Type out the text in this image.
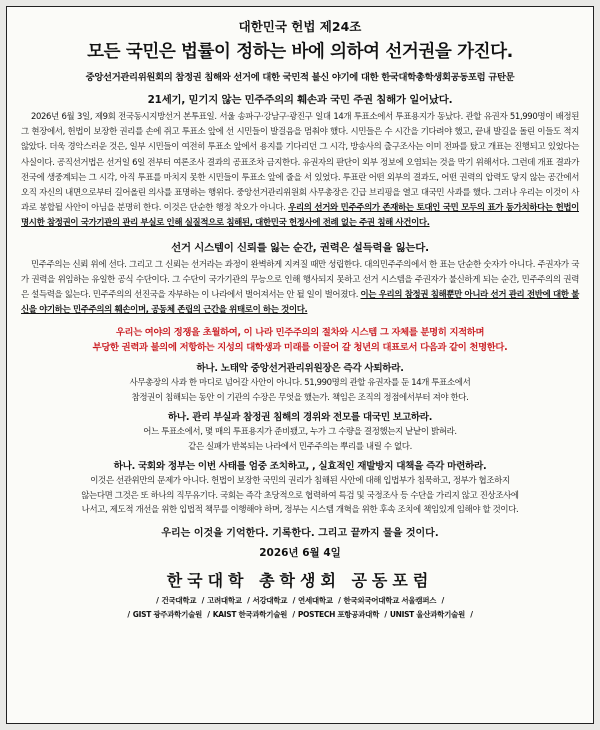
대한민국 헌법 제24조
모든 국민은 법률이 정하는 바에 의하여 선거권을 가진다.
중앙선거관리위원회의 참정권 침해와 선거에 대한 국민적 불신 야기에 대한 한국대학총학생회공동포럼 규탄문
21세기, 믿기지 않는 민주주의의 훼손과 국민 주권 침해가 일어났다.

2026년 6월 3일, 제9회 전국동시지방선거 본투표일. 서울 송파구·강남구·광진구 일대 14개 투표소에서 투표용지가 동났다. 관할 유권자 51,990명이 배정된 그 현장에서, 헌법이 보장한 권리를 손에 쥐고 투표소 앞에 선 시민들이 발걸음을 멈춰야 했다. 시민들은 수 시간을 기다려야 했고, 끝내 발길을 돌린 이들도 적지 않았다. 더욱 경악스러운 것은, 일부 시민들이 여전히 투표소 앞에서 용지를 기다리던 그 시각, 방송사의 출구조사는 이미 전파를 탔고 개표는 진행되고 있었다는 사실이다. 공직선거법은 선거일 6일 전부터 여론조사 결과의 공표조차 금지한다. 유권자의 판단이 외부 정보에 오염되는 것을 막기 위해서다. 그런데 개표 결과가 전국에 생중계되는 그 시각, 아직 투표를 마치지 못한 시민들이 투표소 앞에 줄을 서 있었다. 투표란 어떤 외부의 결과도, 어떤 권력의 압력도 닿지 않는 공간에서 오직 자신의 내면으로부터 길어올린 의사를 표명하는 행위다. 중앙선거관리위원회 사무총장은 긴급 브리핑을 열고 대국민 사과를 했다. 그러나 우리는 이것이 사과로 봉합될 사안이 아님을 분명히 한다. 이것은 단순한 행정 착오가 아니다. 우리의 선거와 민주주의가 존재하는 토대인 국민 모두의 표가 동가치하다는 헌법이 명시한 참정권이 국가기관의 관리 부실로 인해 실질적으로 침해된, 대한민국 헌정사에 전례 없는 주권 침해 사건이다.

선거 시스템이 신뢰를 잃는 순간, 권력은 설득력을 잃는다.

민주주의는 신뢰 위에 선다. 그리고 그 신뢰는 선거라는 과정이 완벽하게 지켜질 때만 성립한다. 대의민주주의에서 한 표는 단순한 숫자가 아니다. 주권자가 국가 권력을 위임하는 유일한 공식 수단이다. 그 수단이 국가기관의 무능으로 인해 행사되지 못하고 선거 시스템을 주권자가 불신하게 되는 순간, 민주주의의 권력은 설득력을 잃는다. 민주주의의 선진국을 자부하는 이 나라에서 벌어져서는 안 될 일이 벌어졌다. 이는 우리의 참정권 침해뿐만 아니라 선거 관리 전반에 대한 불신을 야기하는 민주주의의 훼손이며, 공동체 존립의 근간을 위태로이 하는 것이다.

우리는 여야의 정쟁을 초월하여, 이 나라 민주주의의 절차와 시스템 그 자체를 분명히 지적하며
부당한 권력과 불의에 저항하는 지성의 대학생과 미래를 이끌어 갈 청년의 대표로서 다음과 같이 천명한다.
하나. 노태악 중앙선거관리위원장은 즉각 사퇴하라.
사무총장의 사과 한 마디로 넘어갈 사안이 아니다. 51,990명의 관할 유권자를 둔 14개 투표소에서
참정권이 침해되는 동안 이 기관의 수장은 무엇을 했는가. 책임은 조직의 정점에서부터 져야 한다.
하나. 관리 부실과 참정권 침해의 경위와 전모를 대국민 보고하라.
어느 투표소에서, 몇 매의 투표용지가 준비됐고, 누가 그 수량을 결정했는지 낱낱이 밝혀라.
같은 실패가 반복되는 나라에서 민주주의는 뿌리를 내릴 수 없다.
하나. 국회와 정부는 이번 사태를 엄중 조치하고, , 실효적인 재발방지 대책을 즉각 마련하라.
이것은 선관위만의 문제가 아니다. 헌법이 보장한 국민의 권리가 침해된 사안에 대해 입법부가 침묵하고, 정부가 협조하지
않는다면 그것은 또 하나의 직무유기다. 국회는 즉각 초당적으로 협력하여 특검 및 국정조사 등 수단을 가리지 않고 진상조사에
나서고, 제도적 개선을 위한 입법적 책무를 이행해야 하며, 정부는 시스템 개혁을 위한 후속 조치에 책임있게 임해야 할 것이다.
우리는 이것을 기억한다. 기록한다. 그리고 끝까지 물을 것이다.
2026년 6월 4일
한국대학 총학생회 공동포럼
/ 건국대학교 / 고려대학교 / 서강대학교 / 연세대학교 / 한국외국어대학교 서울캠퍼스 /
/ GIST 광주과학기술원 / KAIST 한국과학기술원 / POSTECH 포항공과대학 / UNIST 울산과학기술원 /
